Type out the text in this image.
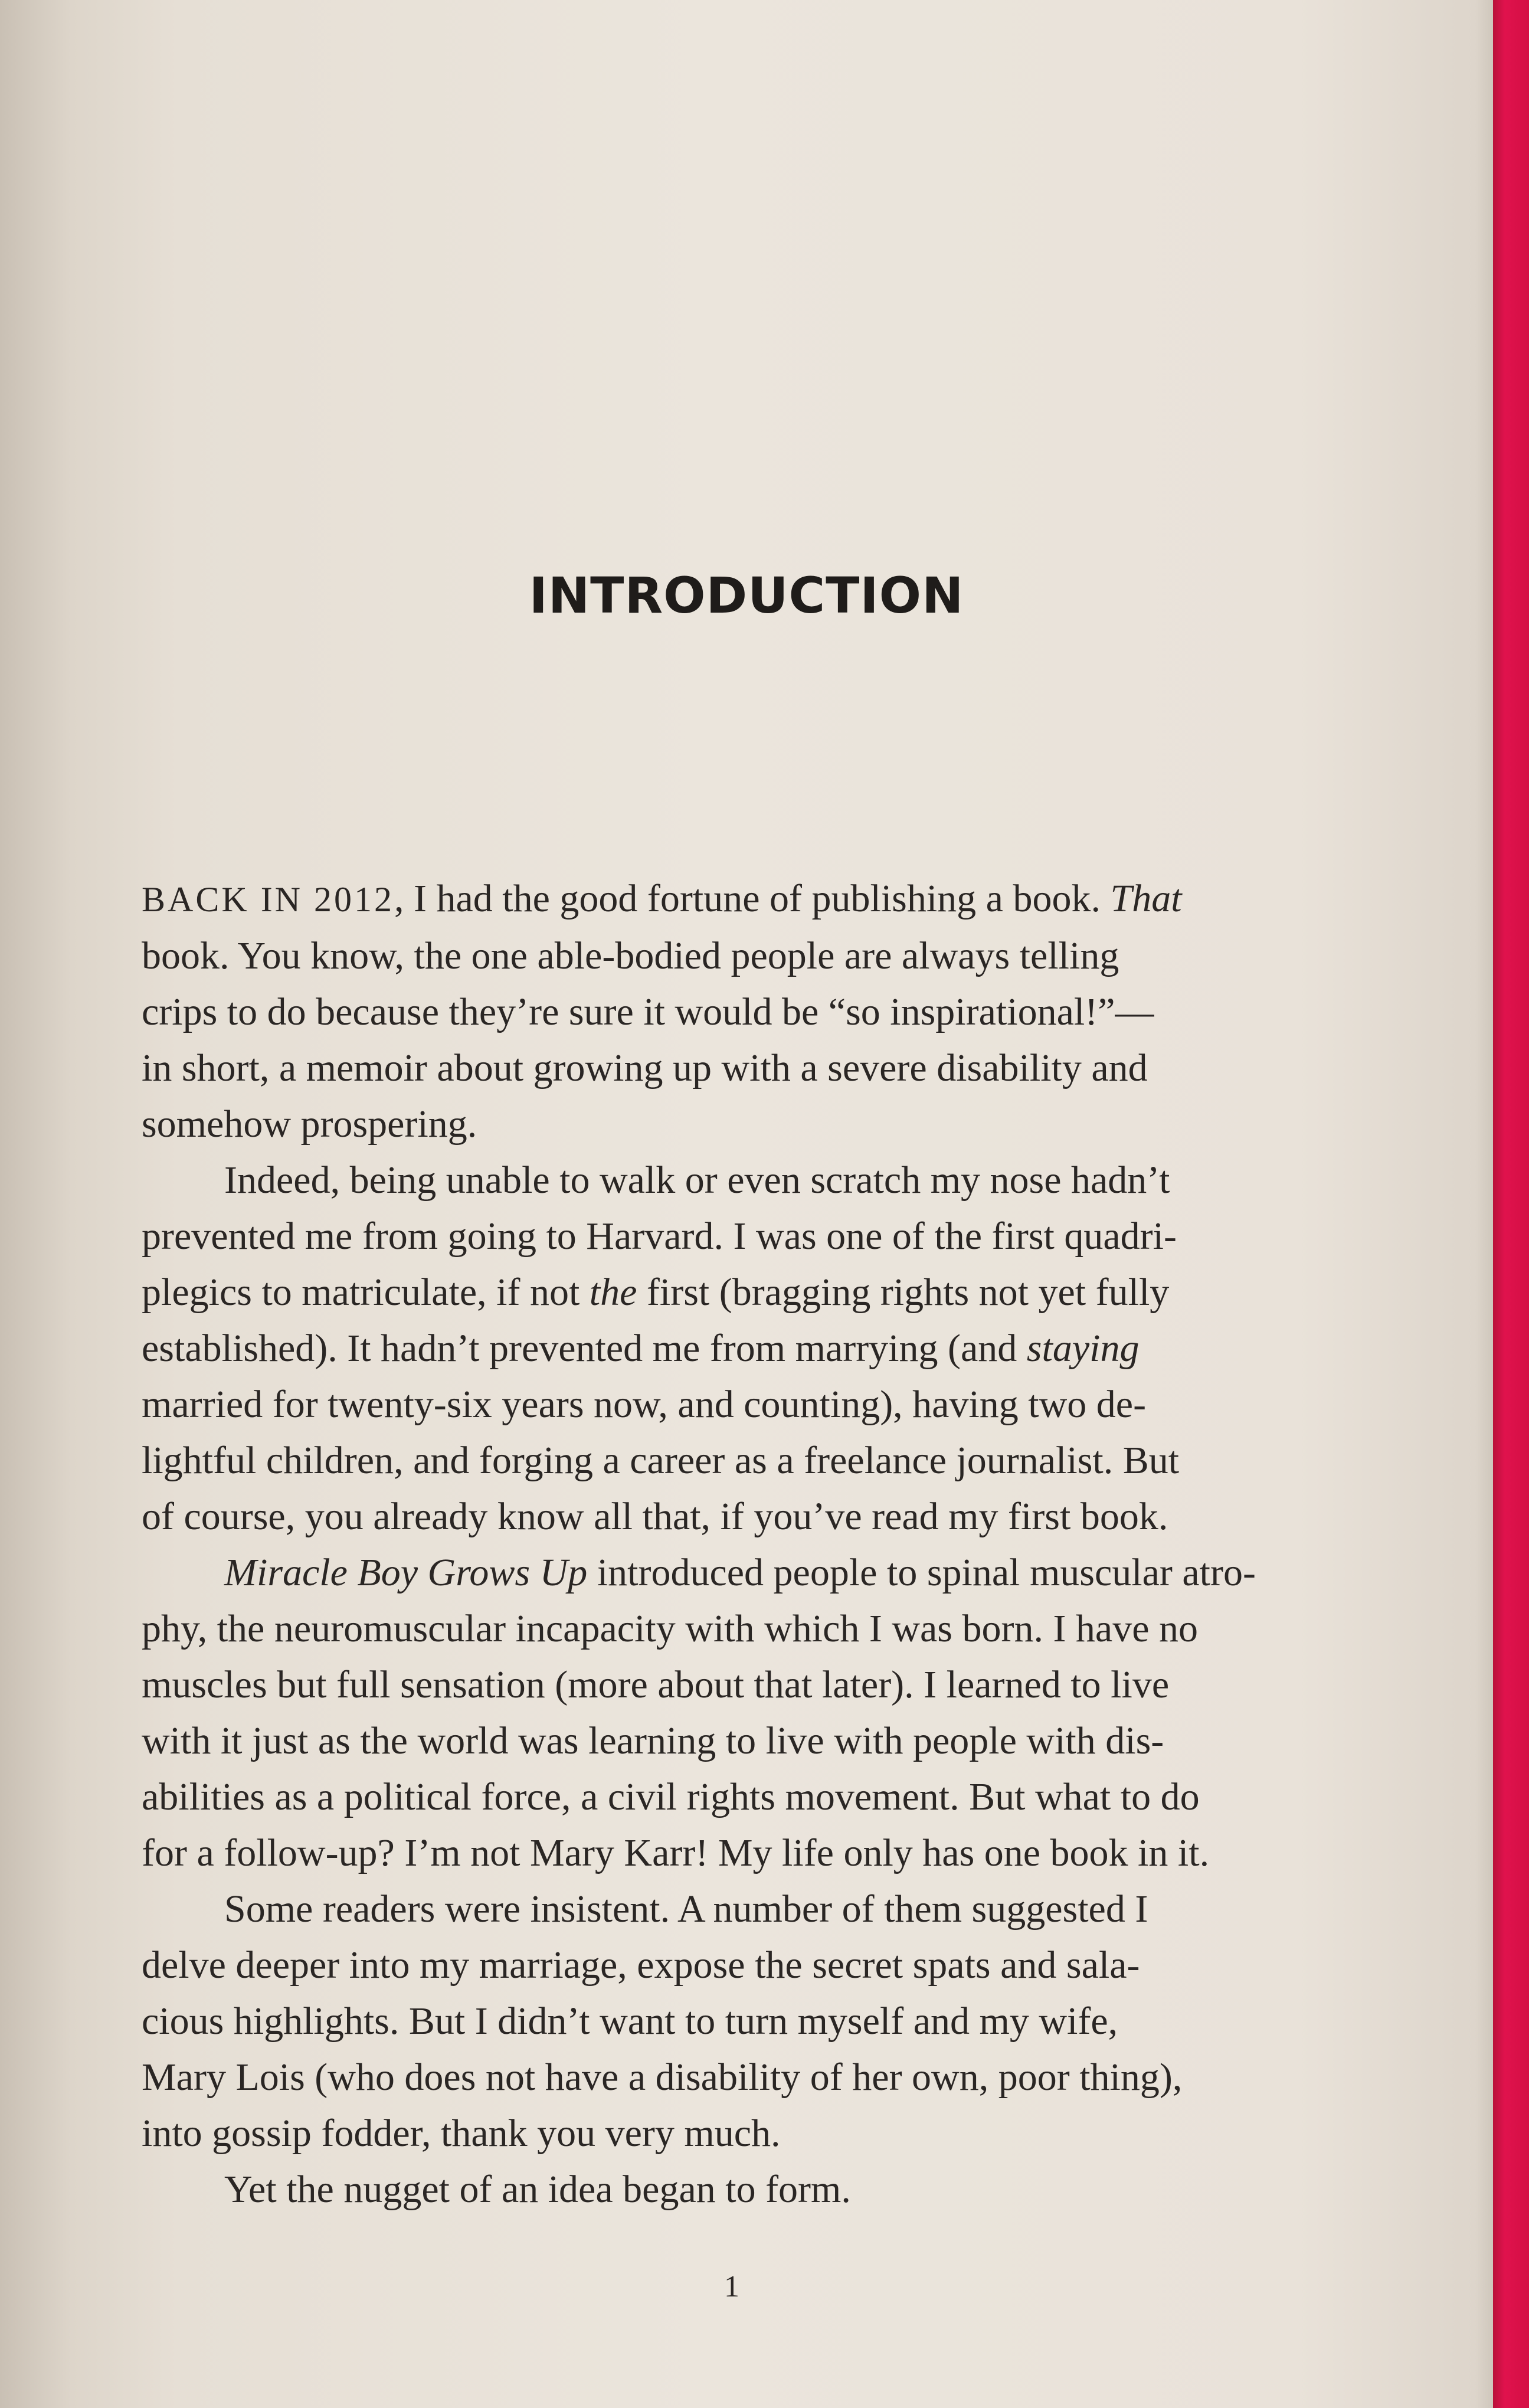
INTRODUCTION
BACK IN 2012, I had the good fortune of publishing a book. That
book. You know, the one able-bodied people are always telling
crips to do because they’re sure it would be “so inspirational!”—
in short, a memoir about growing up with a severe disability and
somehow prospering.
Indeed, being unable to walk or even scratch my nose hadn’t
prevented me from going to Harvard. I was one of the first quadri-
plegics to matriculate, if not the first (bragging rights not yet fully
established). It hadn’t prevented me from marrying (and staying
married for twenty-six years now, and counting), having two de-
lightful children, and forging a career as a freelance journalist. But
of course, you already know all that, if you’ve read my first book.
Miracle Boy Grows Up introduced people to spinal muscular atro-
phy, the neuromuscular incapacity with which I was born. I have no
muscles but full sensation (more about that later). I learned to live
with it just as the world was learning to live with people with dis-
abilities as a political force, a civil rights movement. But what to do
for a follow-up? I’m not Mary Karr! My life only has one book in it.
Some readers were insistent. A number of them suggested I
delve deeper into my marriage, expose the secret spats and sala-
cious highlights. But I didn’t want to turn myself and my wife,
Mary Lois (who does not have a disability of her own, poor thing),
into gossip fodder, thank you very much.
Yet the nugget of an idea began to form.
1
